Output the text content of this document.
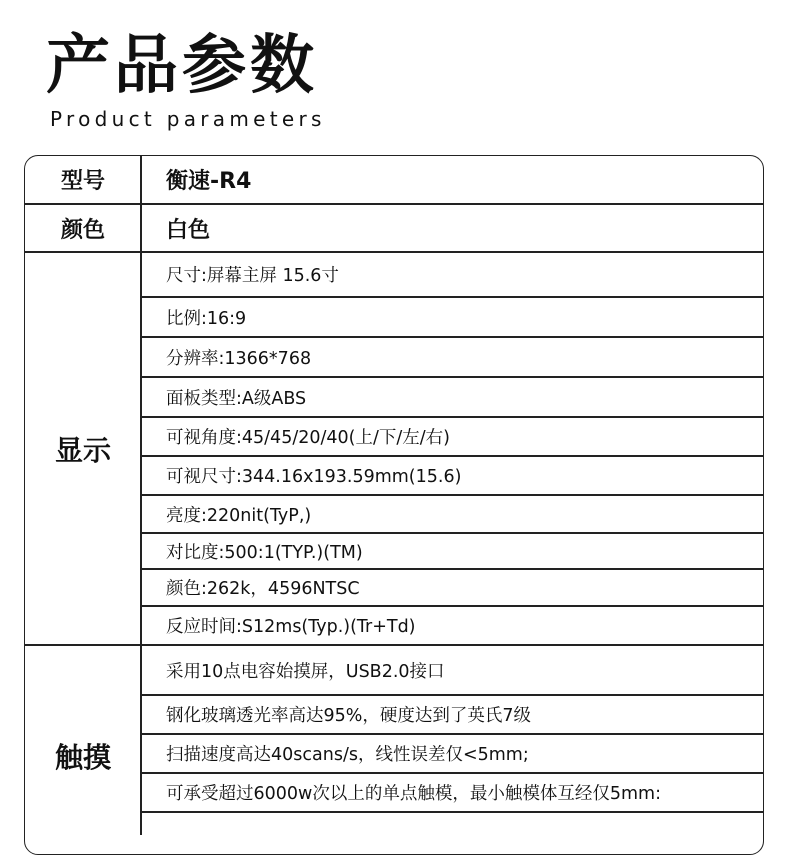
产品参数
Product parameters
型号
颜色
显示
触摸
衡速-R4
白色
尺寸:屏幕主屏 15.6寸
比例:16:9
分辨率:1366*768
面板类型:A级ABS
可视角度:45/45/20/40(上/下/左/右)
可视尺寸:344.16x193.59mm(15.6)
亮度:220nit(TyP,)
对比度:500:1(TYP.)(TM)
颜色:262k，4596NTSC
反应时间:S12ms(Typ.)(Tr+Td)
采用10点电容始摸屏，USB2.0接口
钢化玻璃透光率高达95%，硬度达到了英氏7级
扫描速度高达40scans/s，线性误差仅<5mm;
可承受超过6000w次以上的单点触模，最小触模体互经仅5mm:
